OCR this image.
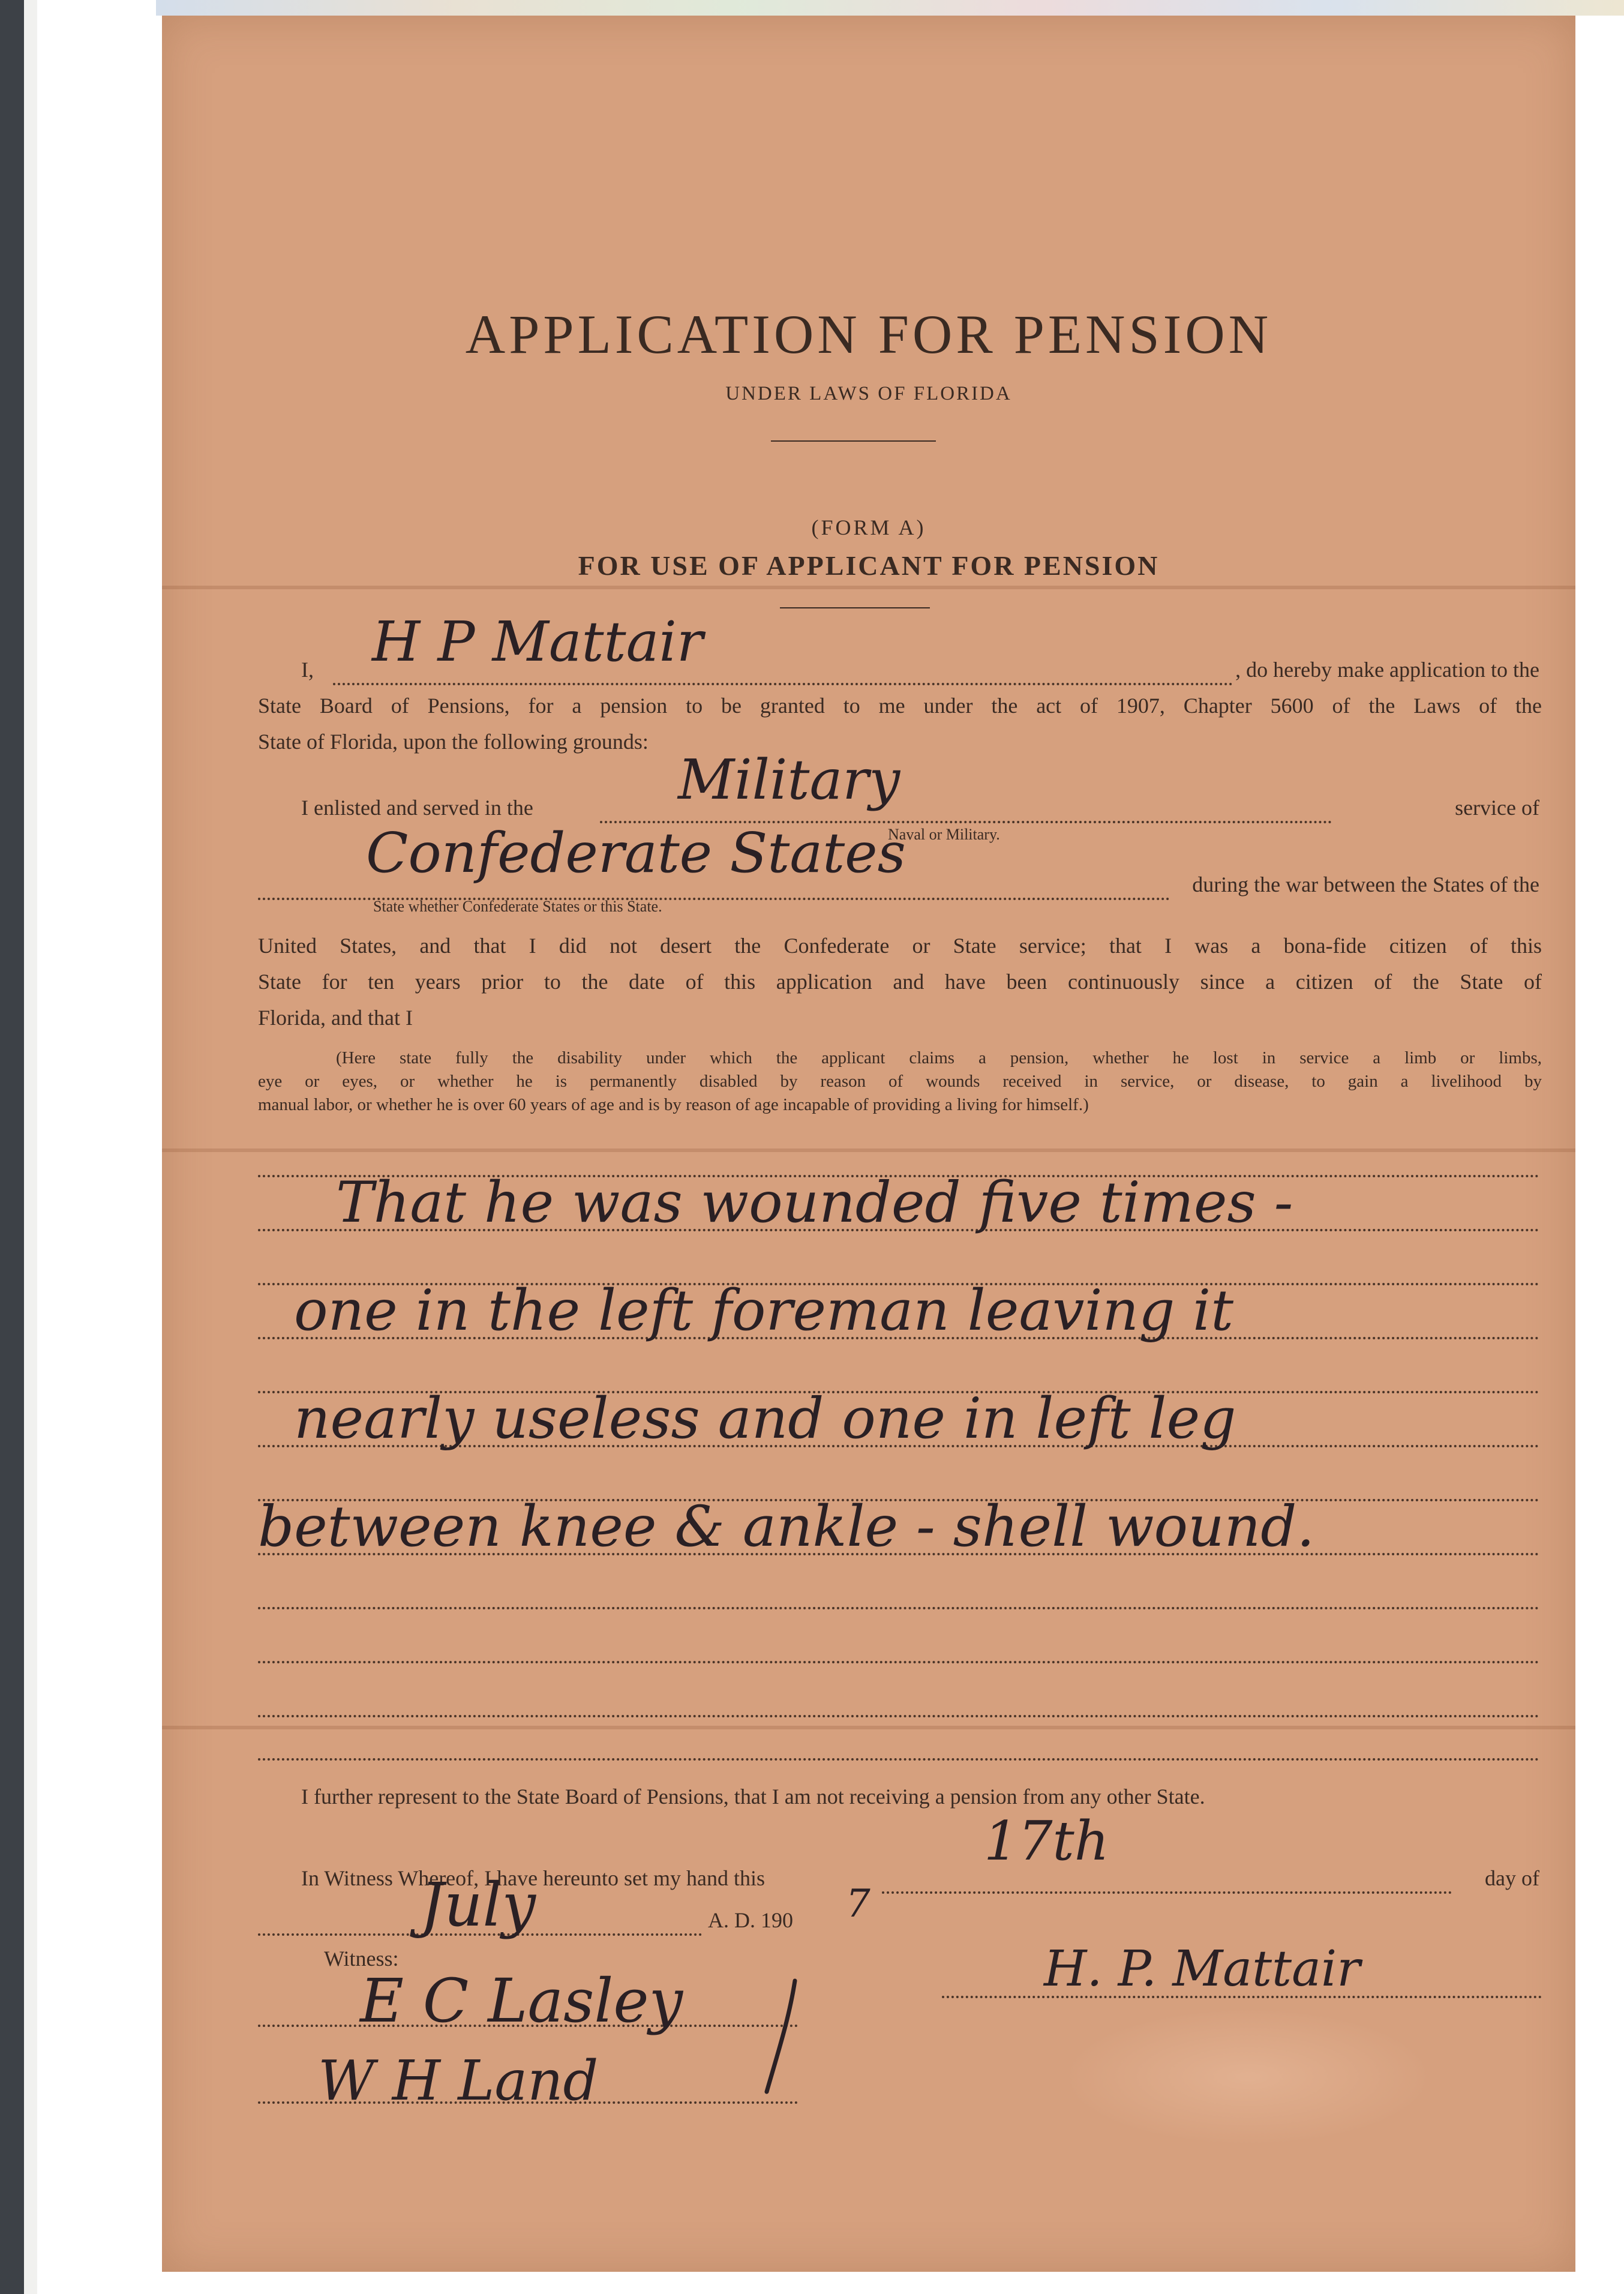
APPLICATION FOR PENSION
UNDER LAWS OF FLORIDA
(FORM A)
FOR USE OF APPLICANT FOR PENSION
I, H P Mattair	, do hereby make application to the
State Board of Pensions, for a pension to be granted to me under the act of 1907, Chapter 5600 of the Laws of the
State of Florida, upon the following grounds:
I enlisted and served in the	Military	service of
Naval or Military.
Confederate States	during the war between the States of the
State whether Confederate States or this State.
United States, and that I did not desert the Confederate or State service; that I was a bona-fide citizen of this
State for ten years prior to the date of this application and have been continuously since a citizen of the State of
Florida, and that I
(Here state fully the disability under which the applicant claims a pension, whether he lost in service a limb or limbs,
eye or eyes, or whether he is permanently disabled by reason of wounds received in service, or disease, to gain a livelihood by
manual labor, or whether he is over 60 years of age and is by reason of age incapable of providing a living for himself.)
That he was wounded five times -
one in the left foreman leaving it
nearly useless and one in left leg
between knee & ankle - shell wound.
I further represent to the State Board of Pensions, that I am not receiving a pension from any other State.
In Witness Whereof, I have hereunto set my hand this
17th
day of
July	A. D. 190 7
Witness:
E C Lasley
W H Land
H. P. Mattair
